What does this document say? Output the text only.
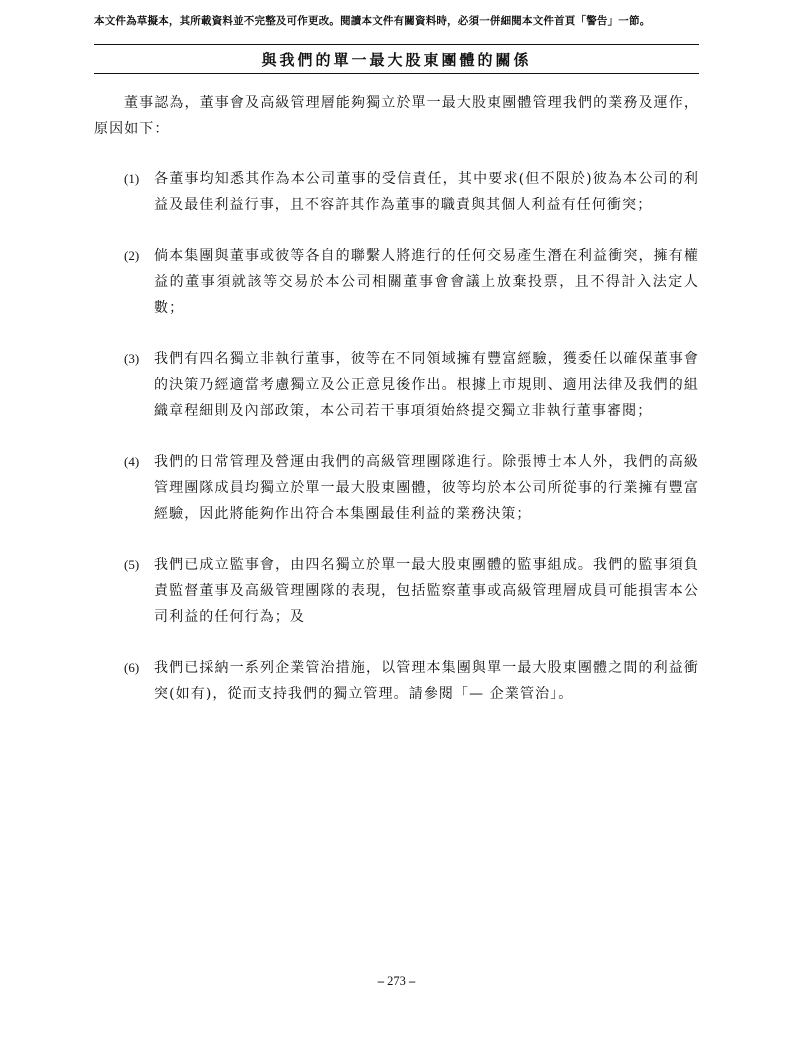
本文件為草擬本，其所載資料並不完整及可作更改。閱讀本文件有關資料時，必須一併細閱本文件首頁「警告」一節。
與我們的單一最大股東團體的關係

董事認為，董事會及高級管理層能夠獨立於單一最大股東團體管理我們的業務及運作，原因如下：

(1)	各董事均知悉其作為本公司董事的受信責任，其中要求(但不限於)彼為本公司的利益及最佳利益行事，且不容許其作為董事的職責與其個人利益有任何衝突；
(2)	倘本集團與董事或彼等各自的聯繫人將進行的任何交易產生潛在利益衝突，擁有權益的董事須就該等交易於本公司相關董事會會議上放棄投票，且不得計入法定人數；
(3)	我們有四名獨立非執行董事，彼等在不同領域擁有豐富經驗，獲委任以確保董事會的決策乃經適當考慮獨立及公正意見後作出。根據上市規則、適用法律及我們的組織章程細則及內部政策，本公司若干事項須始終提交獨立非執行董事審閱；
(4)	我們的日常管理及營運由我們的高級管理團隊進行。除張博士本人外，我們的高級管理團隊成員均獨立於單一最大股東團體，彼等均於本公司所從事的行業擁有豐富經驗，因此將能夠作出符合本集團最佳利益的業務決策；
(5)	我們已成立監事會，由四名獨立於單一最大股東團體的監事組成。我們的監事須負責監督董事及高級管理團隊的表現，包括監察董事或高級管理層成員可能損害本公司利益的任何行為；及
(6)	我們已採納一系列企業管治措施，以管理本集團與單一最大股東團體之間的利益衝突(如有)，從而支持我們的獨立管理。請參閱「— 企業管治」。
– 273 –
